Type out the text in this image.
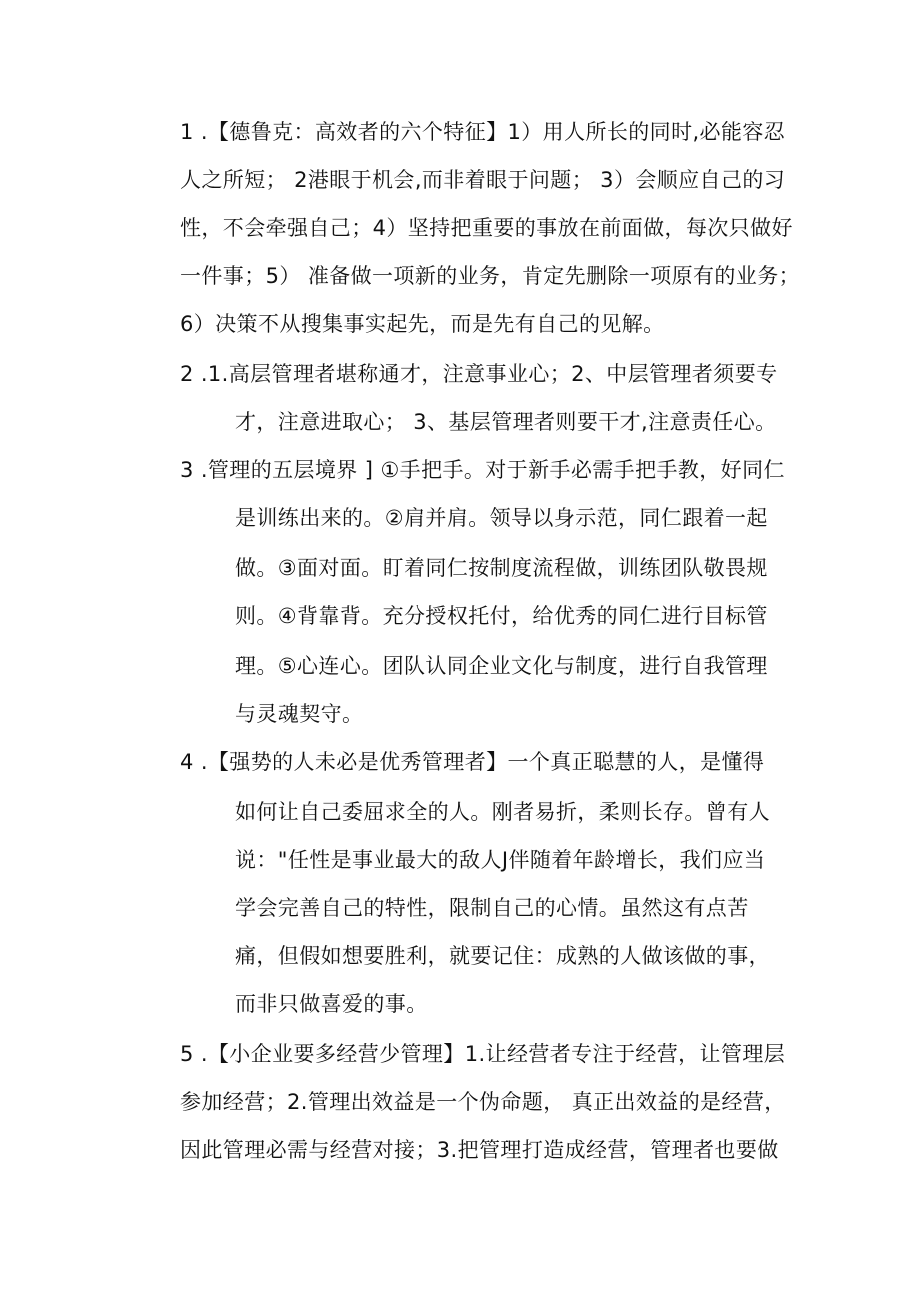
1 .【德鲁克：高效者的六个特征】1）用人所长的同时,必能容忍
人之所短； 2港眼于机会,而非着眼于问题； 3）会顺应自己的习
性，不会牵强自己；4）坚持把重要的事放在前面做，每次只做好
一件事；5） 准备做一项新的业务，肯定先删除一项原有的业务；
6）决策不从搜集事实起先，而是先有自己的见解。
2 .1.高层管理者堪称通才，注意事业心；2、中层管理者须要专
才，注意进取心； 3、基层管理者则要干才,注意责任心。
3 .管理的五层境界 ] ①手把手。对于新手必需手把手教，好同仁
是训练出来的。②肩并肩。领导以身示范，同仁跟着一起
做。③面对面。盯着同仁按制度流程做，训练团队敬畏规
则。④背靠背。充分授权托付，给优秀的同仁进行目标管
理。⑤心连心。团队认同企业文化与制度，进行自我管理
与灵魂契守。
4 .【强势的人未必是优秀管理者】一个真正聪慧的人，是懂得
如何让自己委屈求全的人。刚者易折，柔则长存。曾有人
说："任性是事业最大的敌人J伴随着年龄增长，我们应当
学会完善自己的特性，限制自己的心情。虽然这有点苦
痛，但假如想要胜利，就要记住：成熟的人做该做的事，
而非只做喜爱的事。
5 .【小企业要多经营少管理】1.让经营者专注于经营，让管理层
参加经营；2.管理出效益是一个伪命题， 真正出效益的是经营，
因此管理必需与经营对接；3.把管理打造成经营，管理者也要做
